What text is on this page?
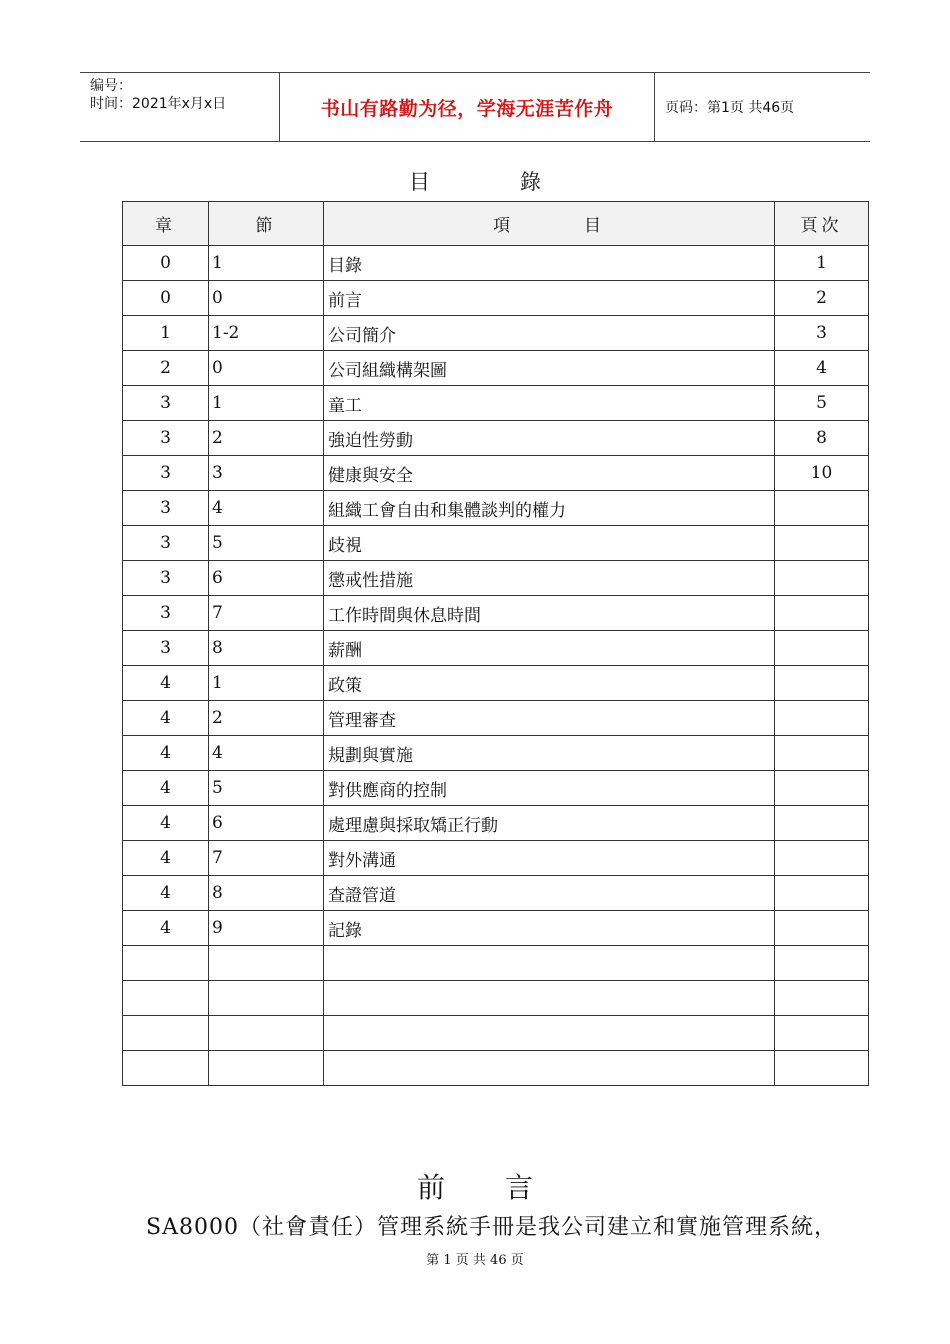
编号：
时间：2021年x月x日	书山有路勤为径，学海无涯苦作舟	页码：第1页 共46页
目	錄
章	節	項 目	頁次
0	1	目錄	1
0	0	前言	2
1	1-2	公司簡介	3
2	0	公司組織構架圖	4
3	1	童工	5
3	2	強迫性勞動	8
3	3	健康與安全	10
3	4	組織工會自由和集體談判的權力	
3	5	歧視	
3	6	懲戒性措施	
3	7	工作時間與休息時間	
3	8	薪酬	
4	1	政策	
4	2	管理審查	
4	4	規劃與實施	
4	5	對供應商的控制	
4	6	處理慮與採取矯正行動	
4	7	對外溝通	
4	8	查證管道	
4	9	記錄	

前 言
SA8000（社會責任）管理系統手冊是我公司建立和實施管理系統，
第 1 页 共 46 页
